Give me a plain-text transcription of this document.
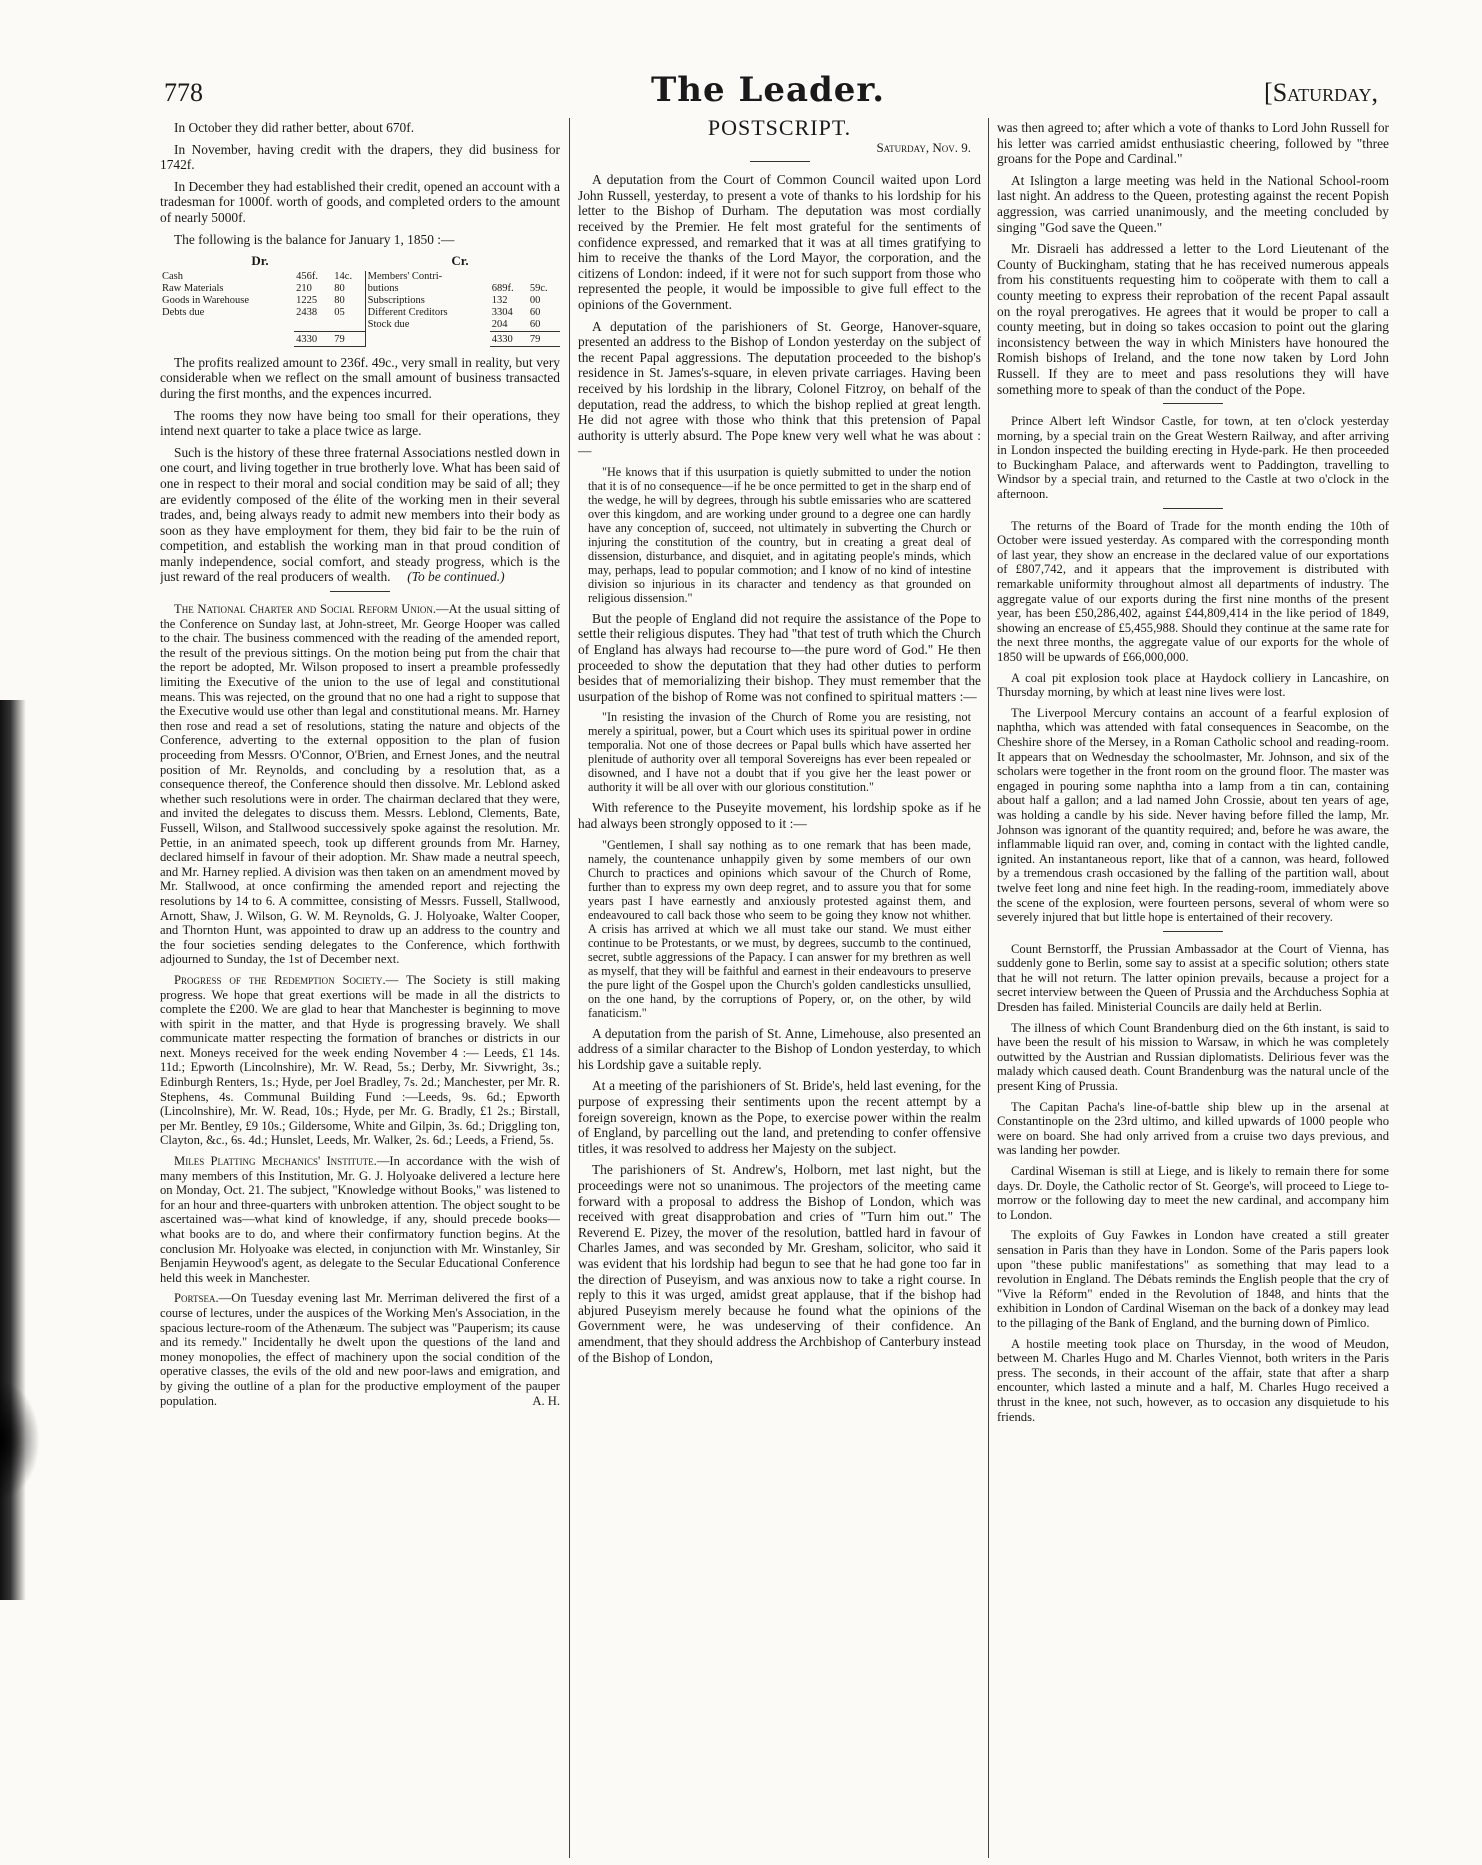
778	The Leader.	[Saturday,

In October they did rather better, about 670f.

In November, having credit with the drapers, they did business for 1742f.

In December they had established their credit, opened an account with a tradesman for 1000f. worth of goods, and completed orders to the amount of nearly 5000f.

The following is the balance for January 1, 1850 :—

Dr.	Cr.
Cash	456f.	14c.	Members' Contri-		
Raw Materials	210	80	butions	689f.	59c.
Goods in Warehouse	1225	80	Subscriptions	132	00
Debts due	2438	05	Different Creditors	3304	60
			Stock due	204	60
	4330	79		4330	79

The profits realized amount to 236f. 49c., very small in reality, but very considerable when we reflect on the small amount of business transacted during the first months, and the expences incurred.

The rooms they now have being too small for their operations, they intend next quarter to take a place twice as large.

Such is the history of these three fraternal Associations nestled down in one court, and living together in true brotherly love. What has been said of one in respect to their moral and social condition may be said of all; they are evidently composed of the élite of the working men in their several trades, and, being always ready to admit new members into their body as soon as they have employment for them, they bid fair to be the ruin of competition, and establish the working man in that proud condition of manly independence, social comfort, and steady progress, which is the just reward of the real producers of wealth. (To be continued.)

The National Charter and Social Reform Union.—At the usual sitting of the Conference on Sunday last, at John-street, Mr. George Hooper was called to the chair. The business commenced with the reading of the amended report, the result of the previous sittings. On the motion being put from the chair that the report be adopted, Mr. Wilson proposed to insert a preamble professedly limiting the Executive of the union to the use of legal and constitutional means. This was rejected, on the ground that no one had a right to suppose that the Executive would use other than legal and constitutional means. Mr. Harney then rose and read a set of resolutions, stating the nature and objects of the Conference, adverting to the external opposition to the plan of fusion proceeding from Messrs. O'Connor, O'Brien, and Ernest Jones, and the neutral position of Mr. Reynolds, and concluding by a resolution that, as a consequence thereof, the Conference should then dissolve. Mr. Leblond asked whether such resolutions were in order. The chairman declared that they were, and invited the delegates to discuss them. Messrs. Leblond, Clements, Bate, Fussell, Wilson, and Stallwood successively spoke against the resolution. Mr. Pettie, in an animated speech, took up different grounds from Mr. Harney, declared himself in favour of their adoption. Mr. Shaw made a neutral speech, and Mr. Harney replied. A division was then taken on an amendment moved by Mr. Stallwood, at once confirming the amended report and rejecting the resolutions by 14 to 6. A committee, consisting of Messrs. Fussell, Stallwood, Arnott, Shaw, J. Wilson, G. W. M. Reynolds, G. J. Holyoake, Walter Cooper, and Thornton Hunt, was appointed to draw up an address to the country and the four societies sending delegates to the Conference, which forthwith adjourned to Sunday, the 1st of December next.

Progress of the Redemption Society.— The Society is still making progress. We hope that great exertions will be made in all the districts to complete the £200. We are glad to hear that Manchester is beginning to move with spirit in the matter, and that Hyde is progressing bravely. We shall communicate matter respecting the formation of branches or districts in our next. Moneys received for the week ending November 4 :— Leeds, £1 14s. 11d.; Epworth (Lincolnshire), Mr. W. Read, 5s.; Derby, Mr. Sivwright, 3s.; Edinburgh Renters, 1s.; Hyde, per Joel Bradley, 7s. 2d.; Manchester, per Mr. R. Stephens, 4s. Communal Building Fund :—Leeds, 9s. 6d.; Epworth (Lincolnshire), Mr. W. Read, 10s.; Hyde, per Mr. G. Bradly, £1 2s.; Birstall, per Mr. Bentley, £9 10s.; Gildersome, White and Gilpin, 3s. 6d.; Driggling ton, Clayton, &c., 6s. 4d.; Hunslet, Leeds, Mr. Walker, 2s. 6d.; Leeds, a Friend, 5s.

Miles Platting Mechanics' Institute.—In accordance with the wish of many members of this Institution, Mr. G. J. Holyoake delivered a lecture here on Monday, Oct. 21. The subject, "Knowledge without Books," was listened to for an hour and three-quarters with unbroken attention. The object sought to be ascertained was—what kind of knowledge, if any, should precede books—what books are to do, and where their confirmatory function begins. At the conclusion Mr. Holyoake was elected, in conjunction with Mr. Winstanley, Sir Benjamin Heywood's agent, as delegate to the Secular Educational Conference held this week in Manchester.

Portsea.—On Tuesday evening last Mr. Merriman delivered the first of a course of lectures, under the auspices of the Working Men's Association, in the spacious lecture-room of the Athenæum. The subject was "Pauperism; its cause and its remedy." Incidentally he dwelt upon the questions of the land and money monopolies, the effect of machinery upon the social condition of the operative classes, the evils of the old and new poor-laws and emigration, and by giving the outline of a plan for the productive employment of the pauper population.	A. H.

POSTSCRIPT.
Saturday, Nov. 9.

A deputation from the Court of Common Council waited upon Lord John Russell, yesterday, to present a vote of thanks to his lordship for his letter to the Bishop of Durham. The deputation was most cordially received by the Premier. He felt most grateful for the sentiments of confidence expressed, and remarked that it was at all times gratifying to him to receive the thanks of the Lord Mayor, the corporation, and the citizens of London: indeed, if it were not for such support from those who represented the people, it would be impossible to give full effect to the opinions of the Government.

A deputation of the parishioners of St. George, Hanover-square, presented an address to the Bishop of London yesterday on the subject of the recent Papal aggressions. The deputation proceeded to the bishop's residence in St. James's-square, in eleven private carriages. Having been received by his lordship in the library, Colonel Fitzroy, on behalf of the deputation, read the address, to which the bishop replied at great length. He did not agree with those who think that this pretension of Papal authority is utterly absurd. The Pope knew very well what he was about :—

"He knows that if this usurpation is quietly submitted to under the notion that it is of no consequence—if he be once permitted to get in the sharp end of the wedge, he will by degrees, through his subtle emissaries who are scattered over this kingdom, and are working under ground to a degree one can hardly have any conception of, succeed, not ultimately in subverting the Church or injuring the constitution of the country, but in creating a great deal of dissension, disturbance, and disquiet, and in agitating people's minds, which may, perhaps, lead to popular commotion; and I know of no kind of intestine division so injurious in its character and tendency as that grounded on religious dissension."

But the people of England did not require the assistance of the Pope to settle their religious disputes. They had "that test of truth which the Church of England has always had recourse to—the pure word of God." He then proceeded to show the deputation that they had other duties to perform besides that of memorializing their bishop. They must remember that the usurpation of the bishop of Rome was not confined to spiritual matters :—

"In resisting the invasion of the Church of Rome you are resisting, not merely a spiritual, power, but a Court which uses its spiritual power in ordine temporalia. Not one of those decrees or Papal bulls which have asserted her plenitude of authority over all temporal Sovereigns has ever been repealed or disowned, and I have not a doubt that if you give her the least power or authority it will be all over with our glorious constitution."

With reference to the Puseyite movement, his lordship spoke as if he had always been strongly opposed to it :—

"Gentlemen, I shall say nothing as to one remark that has been made, namely, the countenance unhappily given by some members of our own Church to practices and opinions which savour of the Church of Rome, further than to express my own deep regret, and to assure you that for some years past I have earnestly and anxiously protested against them, and endeavoured to call back those who seem to be going they know not whither. A crisis has arrived at which we all must take our stand. We must either continue to be Protestants, or we must, by degrees, succumb to the continued, secret, subtle aggressions of the Papacy. I can answer for my brethren as well as myself, that they will be faithful and earnest in their endeavours to preserve the pure light of the Gospel upon the Church's golden candlesticks unsullied, on the one hand, by the corruptions of Popery, or, on the other, by wild fanaticism."

A deputation from the parish of St. Anne, Limehouse, also presented an address of a similar character to the Bishop of London yesterday, to which his Lordship gave a suitable reply.

At a meeting of the parishioners of St. Bride's, held last evening, for the purpose of expressing their sentiments upon the recent attempt by a foreign sovereign, known as the Pope, to exercise power within the realm of England, by parcelling out the land, and pretending to confer offensive titles, it was resolved to address her Majesty on the subject.

The parishioners of St. Andrew's, Holborn, met last night, but the proceedings were not so unanimous. The projectors of the meeting came forward with a proposal to address the Bishop of London, which was received with great disapprobation and cries of "Turn him out." The Reverend E. Pizey, the mover of the resolution, battled hard in favour of Charles James, and was seconded by Mr. Gresham, solicitor, who said it was evident that his lordship had begun to see that he had gone too far in the direction of Puseyism, and was anxious now to take a right course. In reply to this it was urged, amidst great applause, that if the bishop had abjured Puseyism merely because he found what the opinions of the Government were, he was undeserving of their confidence. An amendment, that they should address the Archbishop of Canterbury instead of the Bishop of London,

was then agreed to; after which a vote of thanks to Lord John Russell for his letter was carried amidst enthusiastic cheering, followed by "three groans for the Pope and Cardinal."

At Islington a large meeting was held in the National School-room last night. An address to the Queen, protesting against the recent Popish aggression, was carried unanimously, and the meeting concluded by singing "God save the Queen."

Mr. Disraeli has addressed a letter to the Lord Lieutenant of the County of Buckingham, stating that he has received numerous appeals from his constituents requesting him to coöperate with them to call a county meeting to express their reprobation of the recent Papal assault on the royal prerogatives. He agrees that it would be proper to call a county meeting, but in doing so takes occasion to point out the glaring inconsistency between the way in which Ministers have honoured the Romish bishops of Ireland, and the tone now taken by Lord John Russell. If they are to meet and pass resolutions they will have something more to speak of than the conduct of the Pope.

Prince Albert left Windsor Castle, for town, at ten o'clock yesterday morning, by a special train on the Great Western Railway, and after arriving in London inspected the building erecting in Hyde-park. He then proceeded to Buckingham Palace, and afterwards went to Paddington, travelling to Windsor by a special train, and returned to the Castle at two o'clock in the afternoon.

The returns of the Board of Trade for the month ending the 10th of October were issued yesterday. As compared with the corresponding month of last year, they show an encrease in the declared value of our exportations of £807,742, and it appears that the improvement is distributed with remarkable uniformity throughout almost all departments of industry. The aggregate value of our exports during the first nine months of the present year, has been £50,286,402, against £44,809,414 in the like period of 1849, showing an encrease of £5,455,988. Should they continue at the same rate for the next three months, the aggregate value of our exports for the whole of 1850 will be upwards of £66,000,000.

A coal pit explosion took place at Haydock colliery in Lancashire, on Thursday morning, by which at least nine lives were lost.

The Liverpool Mercury contains an account of a fearful explosion of naphtha, which was attended with fatal consequences in Seacombe, on the Cheshire shore of the Mersey, in a Roman Catholic school and reading-room. It appears that on Wednesday the schoolmaster, Mr. Johnson, and six of the scholars were together in the front room on the ground floor. The master was engaged in pouring some naphtha into a lamp from a tin can, containing about half a gallon; and a lad named John Crossie, about ten years of age, was holding a candle by his side. Never having before filled the lamp, Mr. Johnson was ignorant of the quantity required; and, before he was aware, the inflammable liquid ran over, and, coming in contact with the lighted candle, ignited. An instantaneous report, like that of a cannon, was heard, followed by a tremendous crash occasioned by the falling of the partition wall, about twelve feet long and nine feet high. In the reading-room, immediately above the scene of the explosion, were fourteen persons, several of whom were so severely injured that but little hope is entertained of their recovery.

Count Bernstorff, the Prussian Ambassador at the Court of Vienna, has suddenly gone to Berlin, some say to assist at a specific solution; others state that he will not return. The latter opinion prevails, because a project for a secret interview between the Queen of Prussia and the Archduchess Sophia at Dresden has failed. Ministerial Councils are daily held at Berlin.

The illness of which Count Brandenburg died on the 6th instant, is said to have been the result of his mission to Warsaw, in which he was completely outwitted by the Austrian and Russian diplomatists. Delirious fever was the malady which caused death. Count Brandenburg was the natural uncle of the present King of Prussia.

The Capitan Pacha's line-of-battle ship blew up in the arsenal at Constantinople on the 23rd ultimo, and killed upwards of 1000 people who were on board. She had only arrived from a cruise two days previous, and was landing her powder.

Cardinal Wiseman is still at Liege, and is likely to remain there for some days. Dr. Doyle, the Catholic rector of St. George's, will proceed to Liege to-morrow or the following day to meet the new cardinal, and accompany him to London.

The exploits of Guy Fawkes in London have created a still greater sensation in Paris than they have in London. Some of the Paris papers look upon "these public manifestations" as something that may lead to a revolution in England. The Débats reminds the English people that the cry of "Vive la Réform" ended in the Revolution of 1848, and hints that the exhibition in London of Cardinal Wiseman on the back of a donkey may lead to the pillaging of the Bank of England, and the burning down of Pimlico.

A hostile meeting took place on Thursday, in the wood of Meudon, between M. Charles Hugo and M. Charles Viennot, both writers in the Paris press. The seconds, in their account of the affair, state that after a sharp encounter, which lasted a minute and a half, M. Charles Hugo received a thrust in the knee, not such, however, as to occasion any disquietude to his friends.
